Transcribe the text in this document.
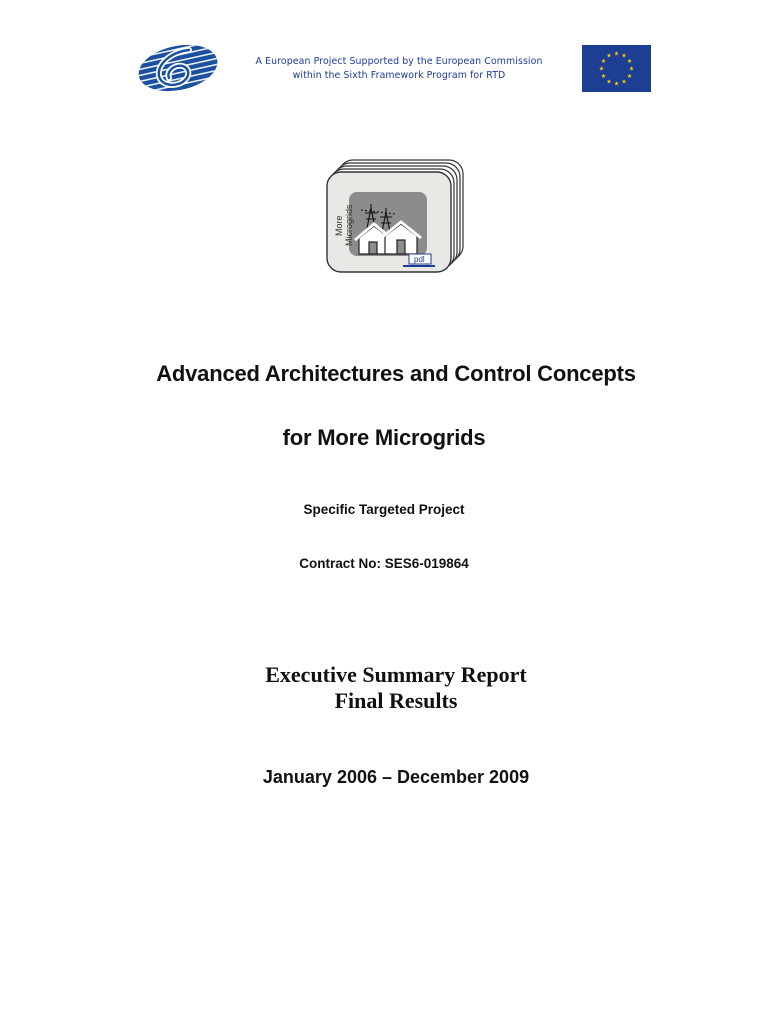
A European Project Supported by the European Commission
within the Sixth Framework Program for RTD
More Microgrids
pdl
Advanced Architectures and Control Concepts
for More Microgrids
Specific Targeted Project
Contract No: SES6-019864
Executive Summary Report
Final Results
January 2006 – December 2009
